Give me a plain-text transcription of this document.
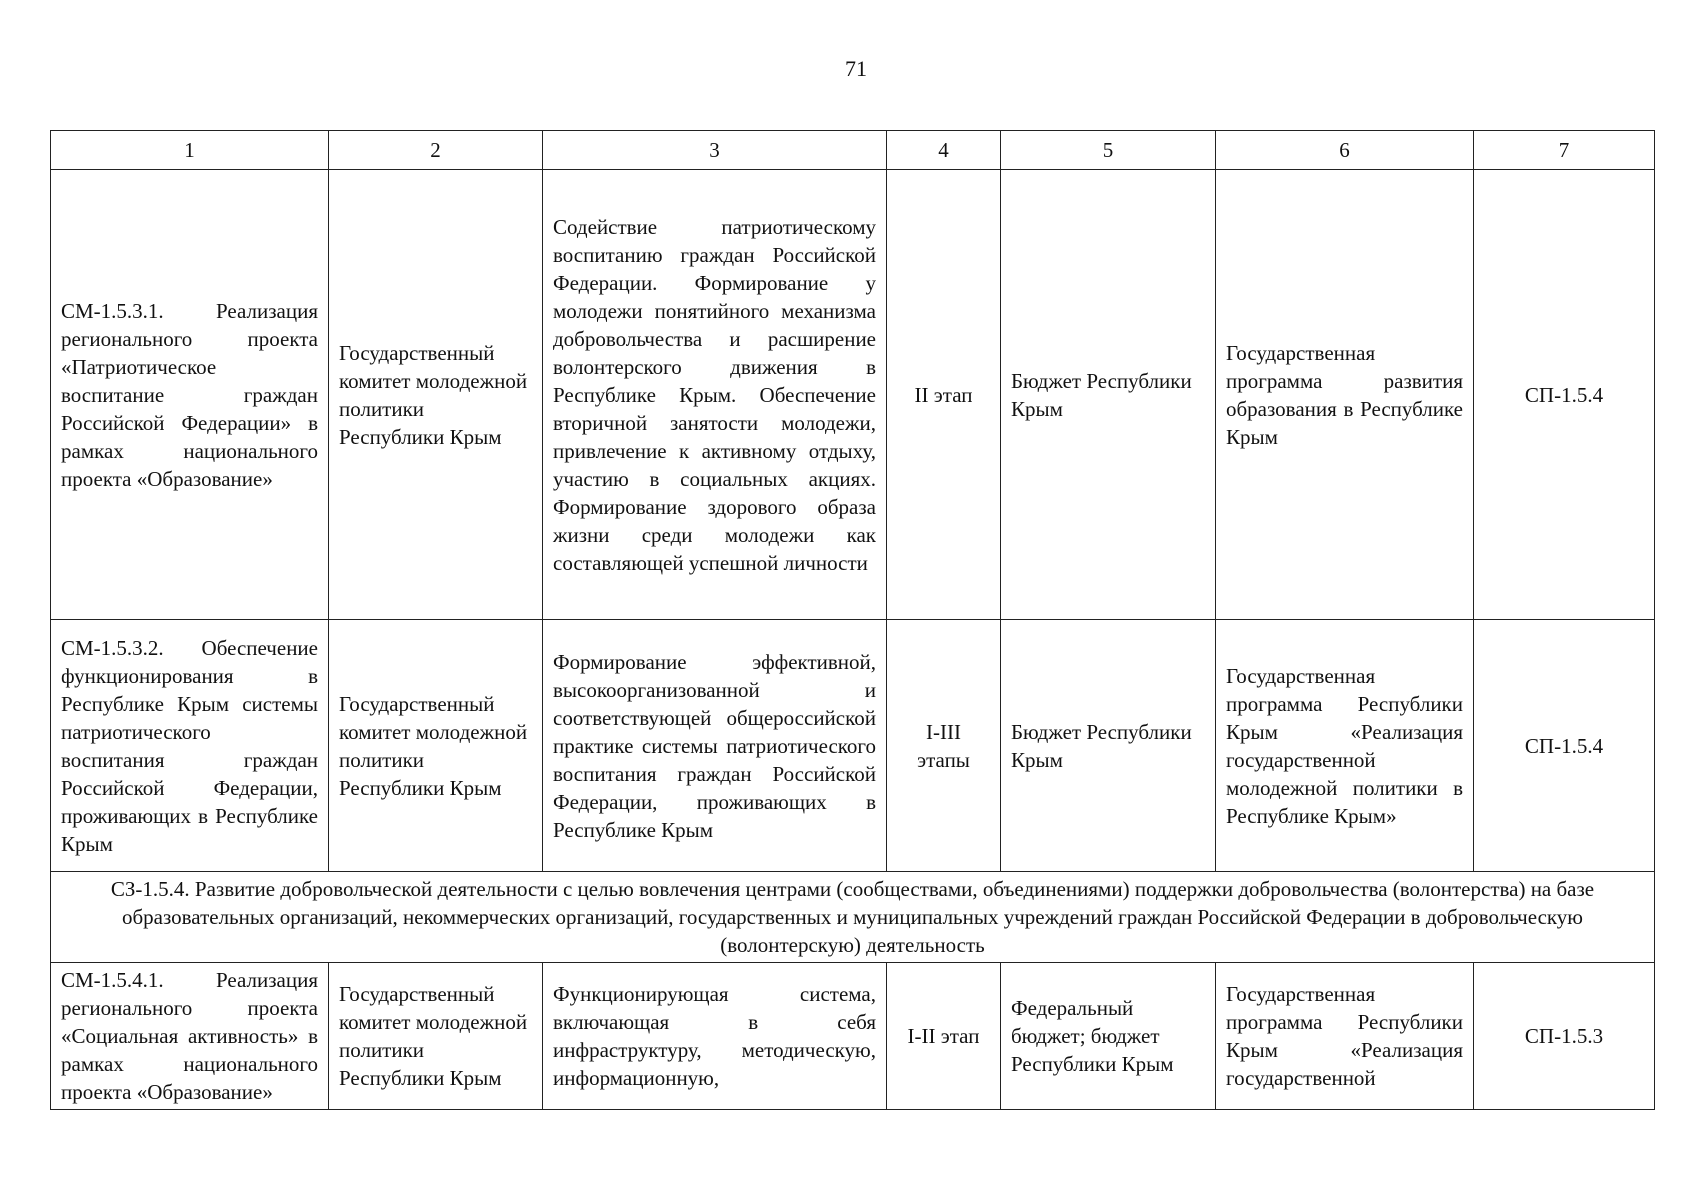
71
1	2	3	4	5	6	7
СМ-1.5.3.1. Реализация регионального проекта «Патриотическое воспитание граждан Российской Федерации» в рамках национального проекта «Образование»	Государственный комитет молодежной политики Республики Крым	Содействие патриотическому воспитанию граждан Российской Федерации. Формирование у молодежи понятийного механизма добровольчества и расширение волонтерского движения в Республике Крым. Обеспечение вторичной занятости молодежи, привлечение к активному отдыху, участию в социальных акциях. Формирование здорового образа жизни среди молодежи как составляющей успешной личности	II этап	Бюджет Республики Крым	Государственная программа развития образования в Республике Крым	СП-1.5.4
СМ-1.5.3.2. Обеспечение функционирования в Республике Крым системы патриотического воспитания граждан Российской Федерации, проживающих в Республике Крым	Государственный комитет молодежной политики Республики Крым	Формирование эффективной, высокоорганизованной и соответствующей общероссийской практике системы патриотического воспитания граждан Российской Федерации, проживающих в Республике Крым	I-III этапы	Бюджет Республики Крым	Государственная программа Республики Крым «Реализация государственной молодежной политики в Республике Крым»	СП-1.5.4
СЗ-1.5.4. Развитие добровольческой деятельности с целью вовлечения центрами (сообществами, объединениями) поддержки добровольчества (волонтерства) на базе образовательных организаций, некоммерческих организаций, государственных и муниципальных учреждений граждан Российской Федерации в добровольческую (волонтерскую) деятельность						
СМ-1.5.4.1. Реализация регионального проекта «Социальная активность» в рамках национального проекта «Образование»	Государственный комитет молодежной политики Республики Крым	Функционирующая система, включающая в себя инфраструктуру, методическую, информационную,	I-II этап	Федеральный бюджет; бюджет Республики Крым	Государственная программа Республики Крым «Реализация государственной	СП-1.5.3
